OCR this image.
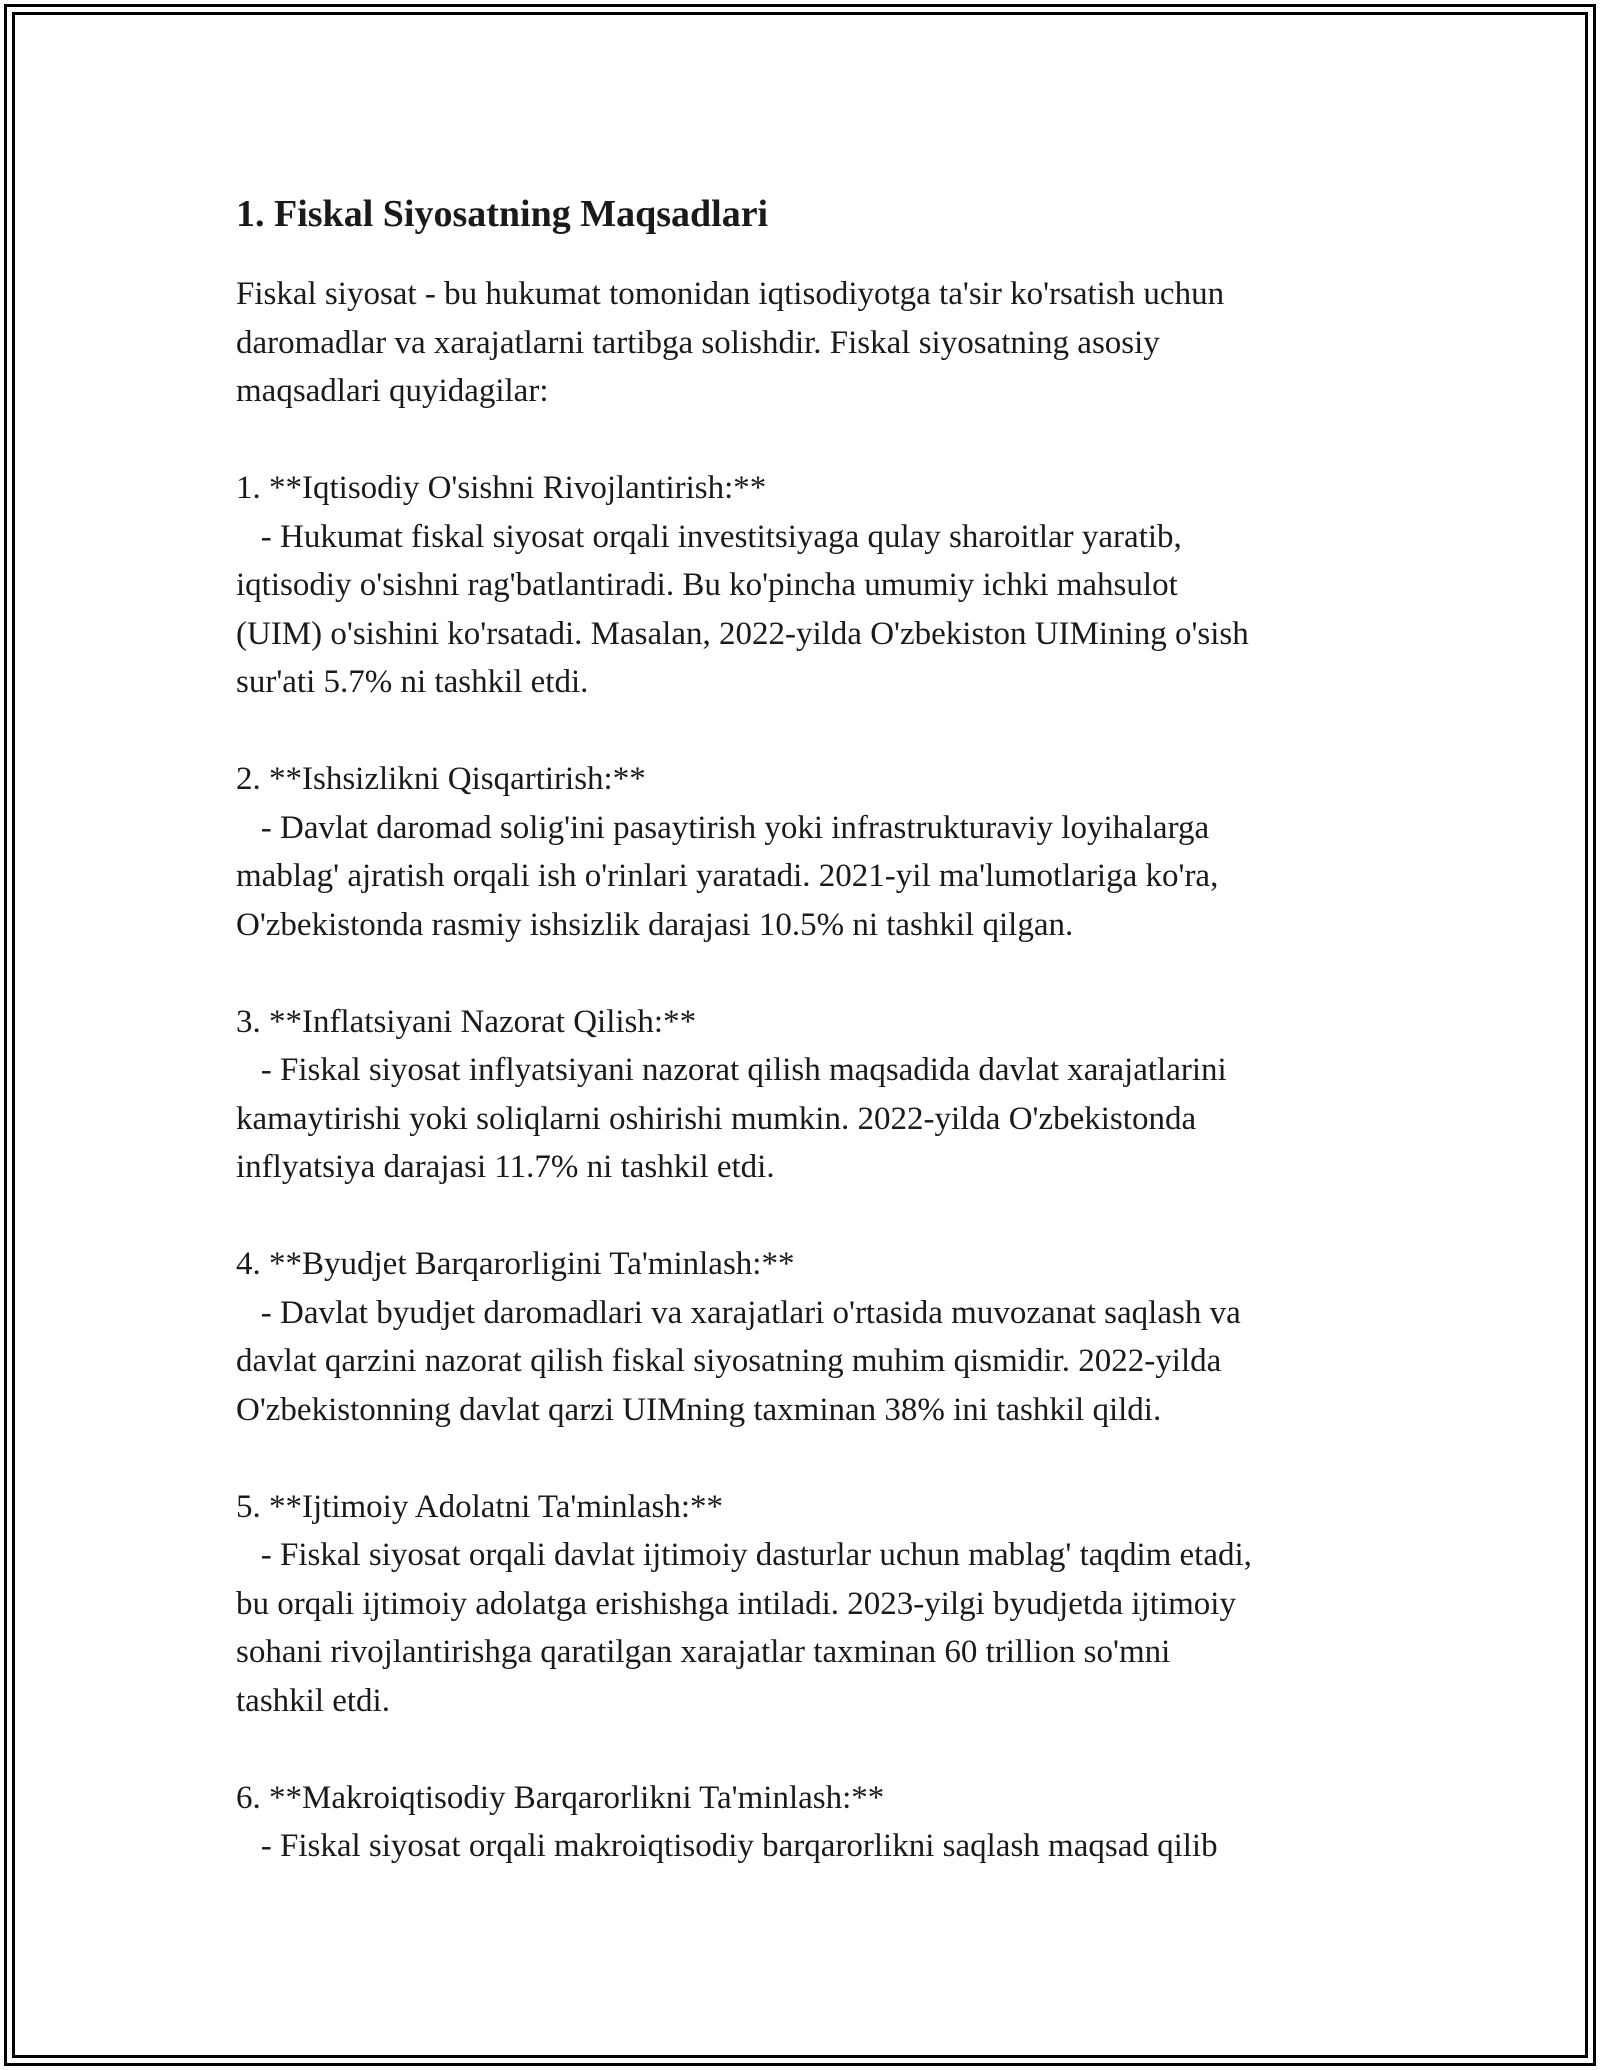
1. Fiskal Siyosatning Maqsadlari

Fiskal siyosat - bu hukumat tomonidan iqtisodiyotga ta'sir ko'rsatish uchun
daromadlar va xarajatlarni tartibga solishdir. Fiskal siyosatning asosiy
maqsadlari quyidagilar:

1. **Iqtisodiy O'sishni Rivojlantirish:**

- Hukumat fiskal siyosat orqali investitsiyaga qulay sharoitlar yaratib,
iqtisodiy o'sishni rag'batlantiradi. Bu ko'pincha umumiy ichki mahsulot
(UIM) o'sishini ko'rsatadi. Masalan, 2022-yilda O'zbekiston UIMining o'sish
sur'ati 5.7% ni tashkil etdi.

2. **Ishsizlikni Qisqartirish:**

- Davlat daromad solig'ini pasaytirish yoki infrastrukturaviy loyihalarga
mablag' ajratish orqali ish o'rinlari yaratadi. 2021-yil ma'lumotlariga ko'ra,
O'zbekistonda rasmiy ishsizlik darajasi 10.5% ni tashkil qilgan.

3. **Inflatsiyani Nazorat Qilish:**

- Fiskal siyosat inflyatsiyani nazorat qilish maqsadida davlat xarajatlarini
kamaytirishi yoki soliqlarni oshirishi mumkin. 2022-yilda O'zbekistonda
inflyatsiya darajasi 11.7% ni tashkil etdi.

4. **Byudjet Barqarorligini Ta'minlash:**

- Davlat byudjet daromadlari va xarajatlari o'rtasida muvozanat saqlash va
davlat qarzini nazorat qilish fiskal siyosatning muhim qismidir. 2022-yilda
O'zbekistonning davlat qarzi UIMning taxminan 38% ini tashkil qildi.

5. **Ijtimoiy Adolatni Ta'minlash:**

- Fiskal siyosat orqali davlat ijtimoiy dasturlar uchun mablag' taqdim etadi,
bu orqali ijtimoiy adolatga erishishga intiladi. 2023-yilgi byudjetda ijtimoiy
sohani rivojlantirishga qaratilgan xarajatlar taxminan 60 trillion so'mni
tashkil etdi.

6. **Makroiqtisodiy Barqarorlikni Ta'minlash:**

- Fiskal siyosat orqali makroiqtisodiy barqarorlikni saqlash maqsad qilib
